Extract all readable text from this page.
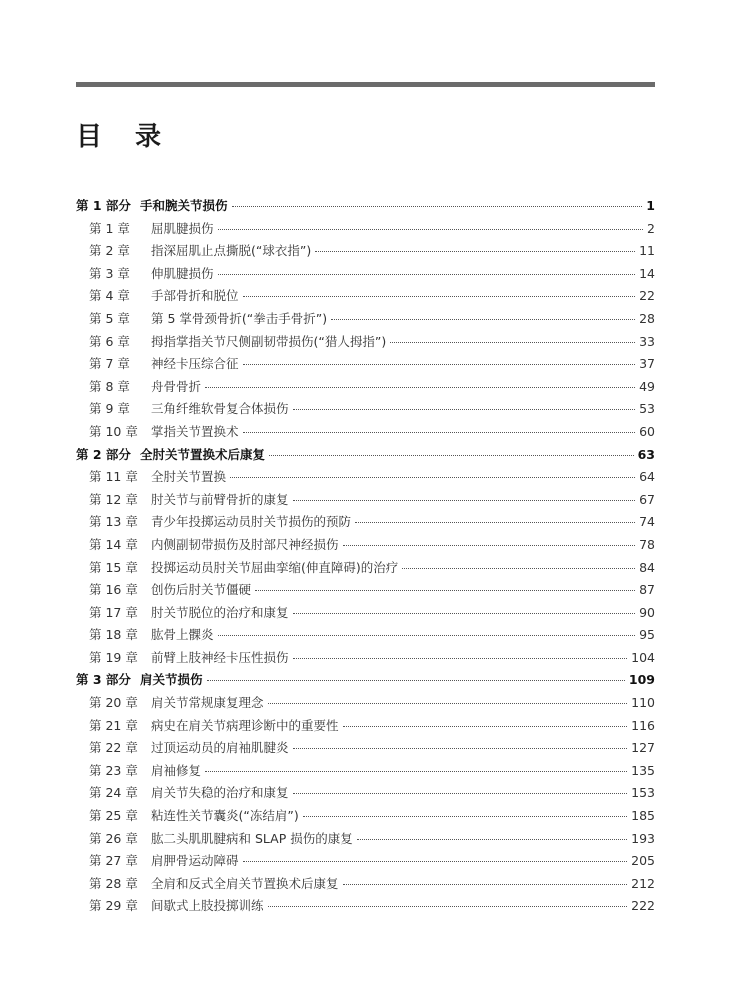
目 录
第 1 部分 手和腕关节损伤	1
第 1 章	屈肌腱损伤	2
第 2 章	指深屈肌止点撕脱(“球衣指”)	11
第 3 章	伸肌腱损伤	14
第 4 章	手部骨折和脱位	22
第 5 章	第 5 掌骨颈骨折(“拳击手骨折”)	28
第 6 章	拇指掌指关节尺侧副韧带损伤(“猎人拇指”)	33
第 7 章	神经卡压综合征	37
第 8 章	舟骨骨折	49
第 9 章	三角纤维软骨复合体损伤	53
第 10 章	掌指关节置换术	60
第 2 部分 全肘关节置换术后康复	63
第 11 章	全肘关节置换	64
第 12 章	肘关节与前臂骨折的康复	67
第 13 章	青少年投掷运动员肘关节损伤的预防	74
第 14 章	内侧副韧带损伤及肘部尺神经损伤	78
第 15 章	投掷运动员肘关节屈曲挛缩(伸直障碍)的治疗	84
第 16 章	创伤后肘关节僵硬	87
第 17 章	肘关节脱位的治疗和康复	90
第 18 章	肱骨上髁炎	95
第 19 章	前臂上肢神经卡压性损伤	104
第 3 部分 肩关节损伤	109
第 20 章	肩关节常规康复理念	110
第 21 章	病史在肩关节病理诊断中的重要性	116
第 22 章	过顶运动员的肩袖肌腱炎	127
第 23 章	肩袖修复	135
第 24 章	肩关节失稳的治疗和康复	153
第 25 章	粘连性关节囊炎(“冻结肩”)	185
第 26 章	肱二头肌肌腱病和 SLAP 损伤的康复	193
第 27 章	肩胛骨运动障碍	205
第 28 章	全肩和反式全肩关节置换术后康复	212
第 29 章	间歇式上肢投掷训练	222
